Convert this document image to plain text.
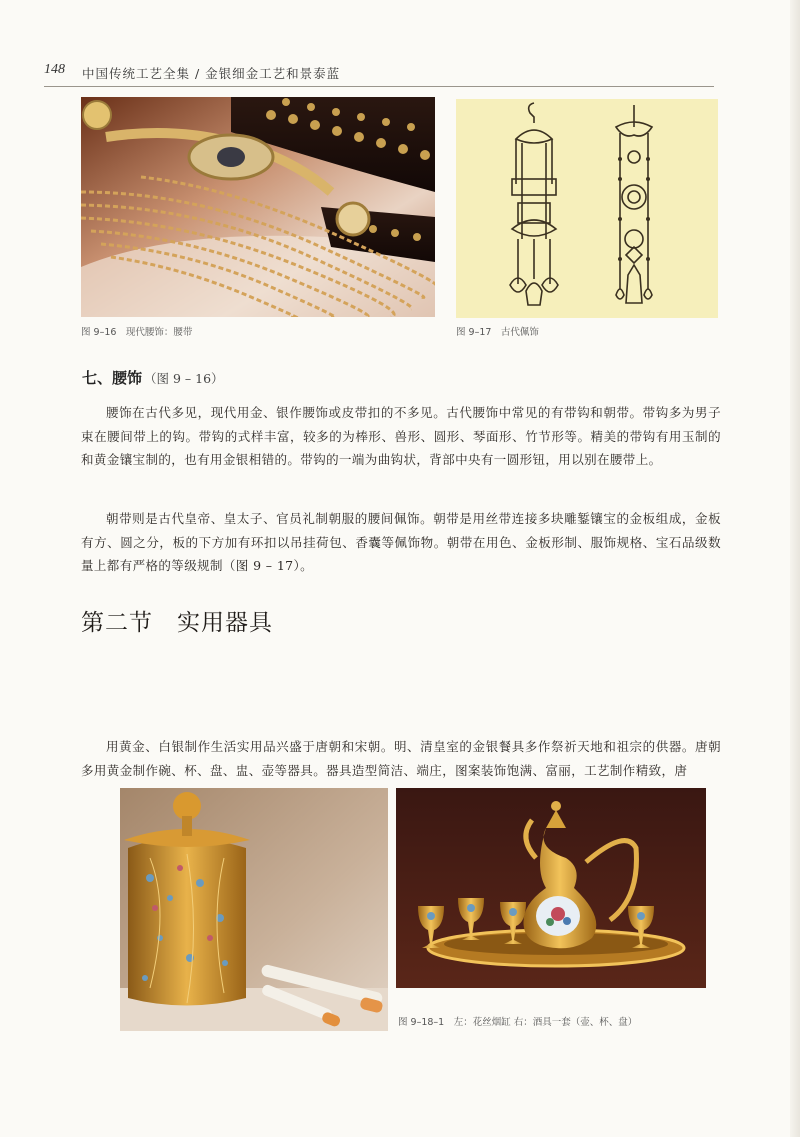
148 中国传统工艺全集 / 金银细金工艺和景泰蓝
图 9–16　现代腰饰：腰带	图 9–17　古代佩饰
七、腰饰 （图 9 – 16）

腰饰在古代多见，现代用金、银作腰饰或皮带扣的不多见。古代腰饰中常见的有带钩和朝带。带钩多为男子束在腰间带上的钩。带钩的式样丰富，较多的为棒形、兽形、圆形、琴面形、竹节形等。精美的带钩有用玉制的和黄金镶宝制的，也有用金银相错的。带钩的一端为曲钩状，背部中央有一圆形钮，用以别在腰带上。

朝带则是古代皇帝、皇太子、官员礼制朝服的腰间佩饰。朝带是用丝带连接多块雕錾镶宝的金板组成，金板有方、圆之分，板的下方加有环扣以吊挂荷包、香囊等佩饰物。朝带在用色、金板形制、服饰规格、宝石品级数量上都有严格的等级规制（图 9 – 17）。

第二节 实用器具

用黄金、白银制作生活实用品兴盛于唐朝和宋朝。明、清皇室的金银餐具多作祭祈天地和祖宗的供器。唐朝多用黄金制作碗、杯、盘、盅、壶等器具。器具造型简洁、端庄，图案装饰饱满、富丽，工艺制作精致，唐

图 9–18–1　左：花丝烟缸 右：酒具一套（壶、杯、盘）
